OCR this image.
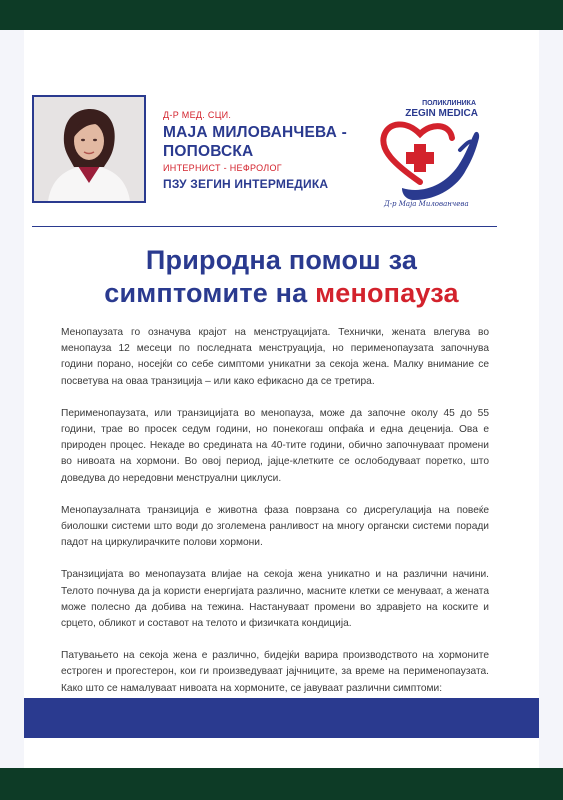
Д-Р МЕД. СЦИ.
МАЈА МИЛОВАНЧЕВА -
ПОПОВСКА
ИНТЕРНИСТ - НЕФРОЛОГ
ПЗУ ЗЕГИН ИНТЕРМЕДИКА
ПОЛИКЛИНИКА
ZEGIN MEDICA
Д-р Маја Милованчева
Природна помош за
симптомите на менопауза

Менопаузата го означува крајот на менструацијата. Технички, жената влегува во менопауза 12 месеци по последната менструација, но перименопаузата започнува години порано, носејќи со себе симптоми уникатни за секоја жена. Малку внимание се посветува на оваа транзиција – или како ефикасно да се третира.

Перименопаузата, или транзицијата во менопауза, може да започне околу 45 до 55 години, трае во просек седум години, но понекогаш опфаќа и една деценија. Ова е природен процес. Некаде во средината на 40-тите години, обично започнуваат промени во нивоата на хормони. Во овој период, јајце-клетките се ослободуваат поретко, што доведува до нередовни менструални циклуси.

Менопаузалната транзиција е животна фаза поврзана со дисрегулација на повеќе биолошки системи што води до зголемена ранливост на многу органски системи поради падот на циркулирачките полови хормони.

Транзицијата во менопаузата влијае на секоја жена уникатно и на различни начини. Телото почнува да ја користи енергијата различно, масните клетки се менуваат, а жената може полесно да добива на тежина. Настануваат промени во здравјето на коските и срцето, обликот и составот на телото и физичката кондиција.

Патувањето на секоја жена е различно, бидејќи варира производството на хормоните естроген и прогестерон, кои ги произведуваат јајчниците, за време на перименопаузата. Како што се намалуваат нивоата на хормоните, се јавуваат различни симптоми:
